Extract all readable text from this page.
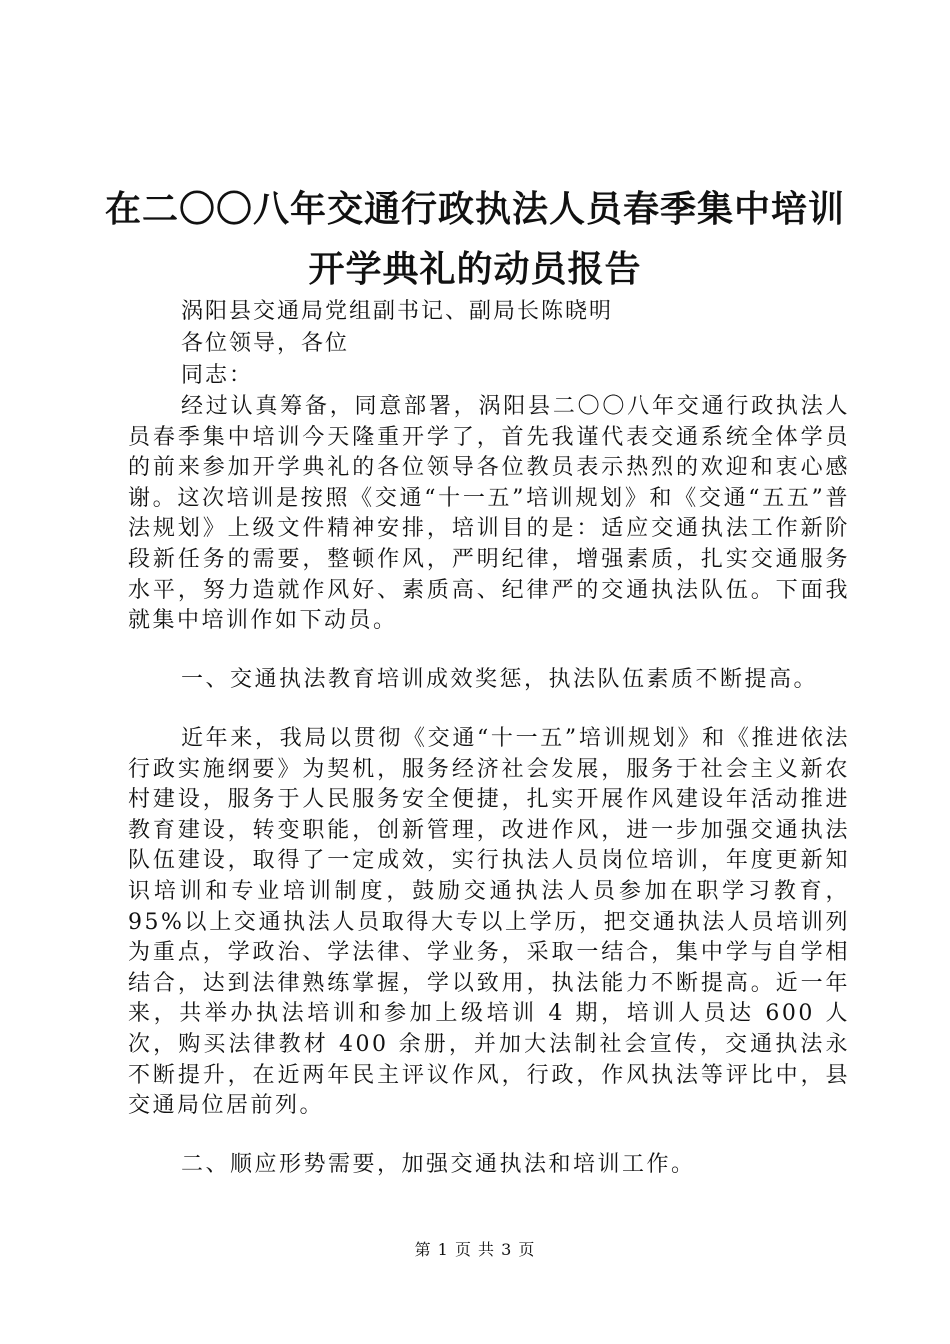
在二〇〇八年交通行政执法人员春季集中培训
开学典礼的动员报告

涡阳县交通局党组副书记、副局长陈晓明

各位领导，各位

同志：

经过认真筹备，同意部署，涡阳县二〇〇八年交通行政执法人员春季集中培训今天隆重开学了，首先我谨代表交通系统全体学员的前来参加开学典礼的各位领导各位教员表示热烈的欢迎和衷心感谢。这次培训是按照《交通“十一五”培训规划》和《交通“五五”普法规划》上级文件精神安排，培训目的是：适应交通执法工作新阶段新任务的需要，整顿作风，严明纪律，增强素质，扎实交通服务水平，努力造就作风好、素质高、纪律严的交通执法队伍。下面我就集中培训作如下动员。

一、交通执法教育培训成效奖惩，执法队伍素质不断提高。

近年来，我局以贯彻《交通“十一五”培训规划》和《推进依法行政实施纲要》为契机，服务经济社会发展，服务于社会主义新农村建设，服务于人民服务安全便捷，扎实开展作风建设年活动推进教育建设，转变职能，创新管理，改进作风，进一步加强交通执法队伍建设，取得了一定成效，实行执法人员岗位培训，年度更新知识培训和专业培训制度，鼓励交通执法人员参加在职学习教育，95%以上交通执法人员取得大专以上学历，把交通执法人员培训列为重点，学政治、学法律、学业务，采取一结合，集中学与自学相结合，达到法律熟练掌握，学以致用，执法能力不断提高。近一年来，共举办执法培训和参加上级培训 4 期，培训人员达 600 人次，购买法律教材 400 余册，并加大法制社会宣传，交通执法永不断提升，在近两年民主评议作风，行政，作风执法等评比中，县交通局位居前列。

二、顺应形势需要，加强交通执法和培训工作。

第 1 页 共 3 页
